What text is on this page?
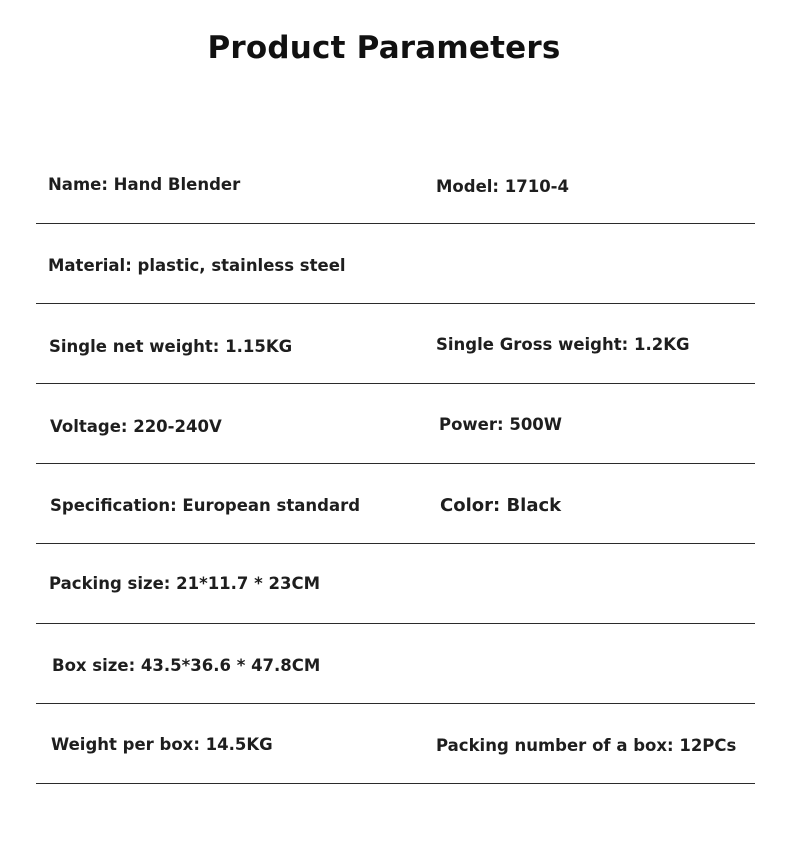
Product Parameters
Name: Hand Blender	Model: 1710-4
Material: plastic, stainless steel
Single net weight: 1.15KG	Single Gross weight: 1.2KG
Voltage: 220-240V	Power: 500W
Specification: European standard	Color: Black
Packing size: 21*11.7 * 23CM
Box size: 43.5*36.6 * 47.8CM
Weight per box: 14.5KG	Packing number of a box: 12PCs
